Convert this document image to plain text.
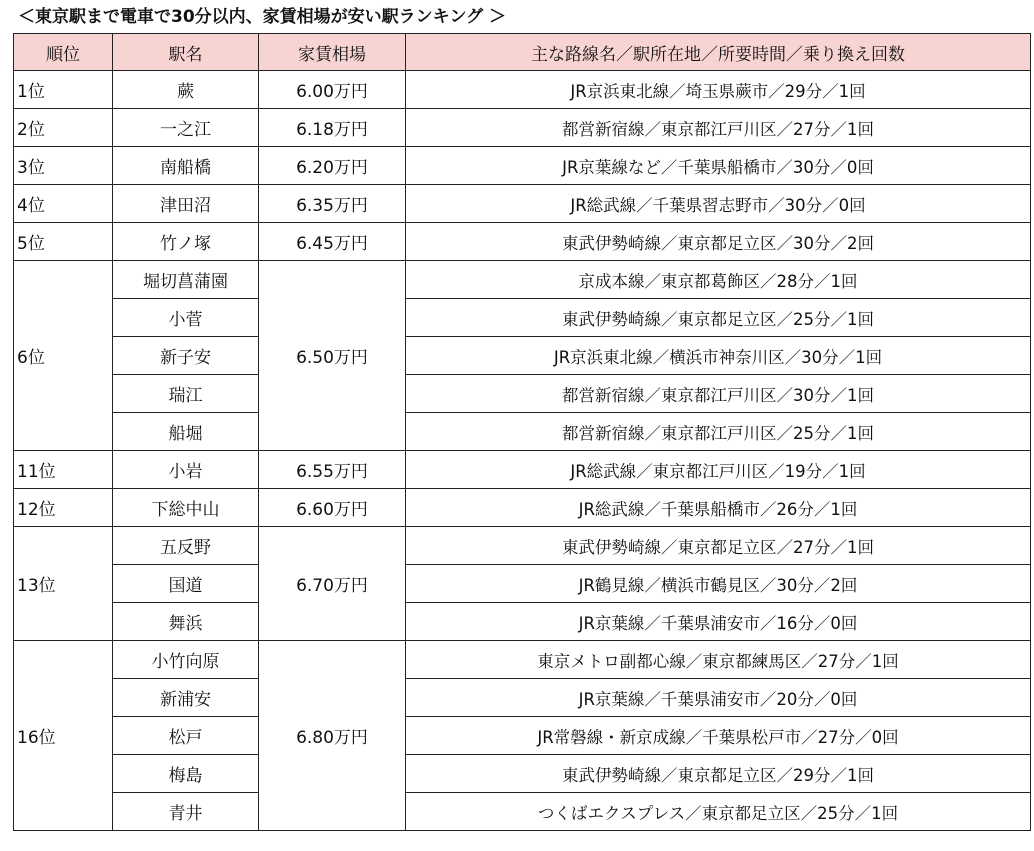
＜東京駅まで電車で30分以内、家賃相場が安い駅ランキング ＞
順位	駅名	家賃相場	主な路線名／駅所在地／所要時間／乗り換え回数
1位	蕨	6.00万円	JR京浜東北線／埼玉県蕨市／29分／1回
2位	一之江	6.18万円	都営新宿線／東京都江戸川区／27分／1回
3位	南船橋	6.20万円	JR京葉線など／千葉県船橋市／30分／0回
4位	津田沼	6.35万円	JR総武線／千葉県習志野市／30分／0回
5位	竹ノ塚	6.45万円	東武伊勢崎線／東京都足立区／30分／2回
6位	堀切菖蒲園	6.50万円	京成本線／東京都葛飾区／28分／1回
	小菅		東武伊勢崎線／東京都足立区／25分／1回
	新子安		JR京浜東北線／横浜市神奈川区／30分／1回
	瑞江		都営新宿線／東京都江戸川区／30分／1回
	船堀		都営新宿線／東京都江戸川区／25分／1回
11位	小岩	6.55万円	JR総武線／東京都江戸川区／19分／1回
12位	下総中山	6.60万円	JR総武線／千葉県船橋市／26分／1回
13位	五反野	6.70万円	東武伊勢崎線／東京都足立区／27分／1回
	国道		JR鶴見線／横浜市鶴見区／30分／2回
	舞浜		JR京葉線／千葉県浦安市／16分／0回
16位	小竹向原	6.80万円	東京メトロ副都心線／東京都練馬区／27分／1回
	新浦安		JR京葉線／千葉県浦安市／20分／0回
	松戸		JR常磐線・新京成線／千葉県松戸市／27分／0回
	梅島		東武伊勢崎線／東京都足立区／29分／1回
	青井		つくばエクスプレス／東京都足立区／25分／1回
